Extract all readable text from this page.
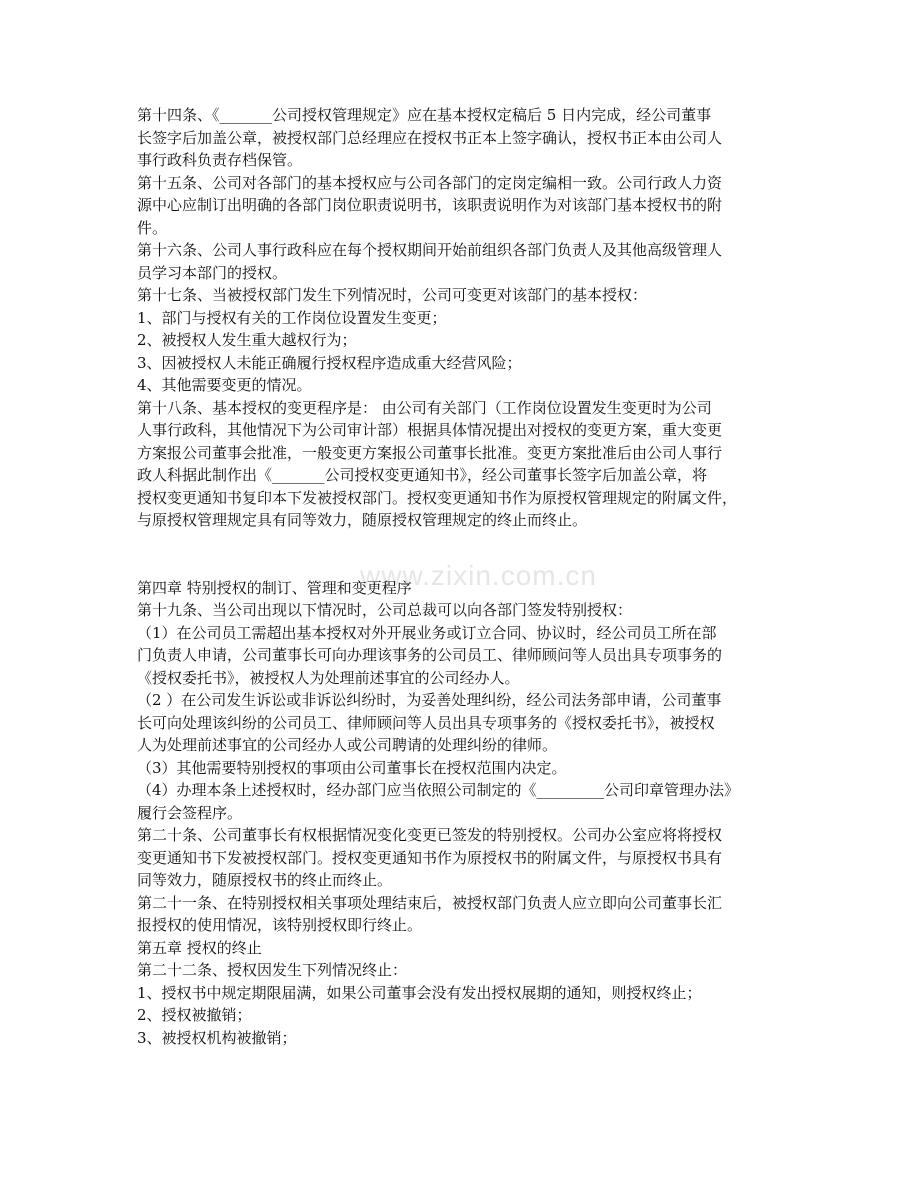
www.zixin.com.cn
第十四条、《_______公司授权管理规定》应在基本授权定稿后 5 日内完成，经公司董事
长签字后加盖公章，被授权部门总经理应在授权书正本上签字确认，授权书正本由公司人
事行政科负责存档保管。
第十五条、公司对各部门的基本授权应与公司各部门的定岗定编相一致。公司行政人力资
源中心应制订出明确的各部门岗位职责说明书，该职责说明作为对该部门基本授权书的附
件。
第十六条、公司人事行政科应在每个授权期间开始前组织各部门负责人及其他高级管理人
员学习本部门的授权。
第十七条、当被授权部门发生下列情况时，公司可变更对该部门的基本授权：
1、部门与授权有关的工作岗位设置发生变更；
2、被授权人发生重大越权行为；
3、因被授权人未能正确履行授权程序造成重大经营风险；
4、其他需要变更的情况。
第十八条、基本授权的变更程序是： 由公司有关部门（工作岗位设置发生变更时为公司
人事行政科，其他情况下为公司审计部）根据具体情况提出对授权的变更方案，重大变更
方案报公司董事会批准，一般变更方案报公司董事长批准。变更方案批准后由公司人事行
政人科据此制作出《_______公司授权变更通知书》，经公司董事长签字后加盖公章，将
授权变更通知书复印本下发被授权部门。授权变更通知书作为原授权管理规定的附属文件，
与原授权管理规定具有同等效力，随原授权管理规定的终止而终止。
第四章 特别授权的制订、管理和变更程序
第十九条、当公司出现以下情况时，公司总裁可以向各部门签发特别授权：
（1）在公司员工需超出基本授权对外开展业务或订立合同、协议时，经公司员工所在部
门负责人申请，公司董事长可向办理该事务的公司员工、律师顾问等人员出具专项事务的
《授权委托书》，被授权人为处理前述事宜的公司经办人。
（2 ）在公司发生诉讼或非诉讼纠纷时，为妥善处理纠纷，经公司法务部申请，公司董事
长可向处理该纠纷的公司员工、律师顾问等人员出具专项事务的《授权委托书》，被授权
人为处理前述事宜的公司经办人或公司聘请的处理纠纷的律师。
（3）其他需要特别授权的事项由公司董事长在授权范围内决定。
（4）办理本条上述授权时，经办部门应当依照公司制定的《_________公司印章管理办法》
履行会签程序。
第二十条、公司董事长有权根据情况变化变更已签发的特别授权。公司办公室应将将授权
变更通知书下发被授权部门。授权变更通知书作为原授权书的附属文件，与原授权书具有
同等效力，随原授权书的终止而终止。
第二十一条、在特别授权相关事项处理结束后，被授权部门负责人应立即向公司董事长汇
报授权的使用情况，该特别授权即行终止。
第五章 授权的终止
第二十二条、授权因发生下列情况终止：
1、授权书中规定期限届满，如果公司董事会没有发出授权展期的通知，则授权终止；
2、授权被撤销；
3、被授权机构被撤销；
